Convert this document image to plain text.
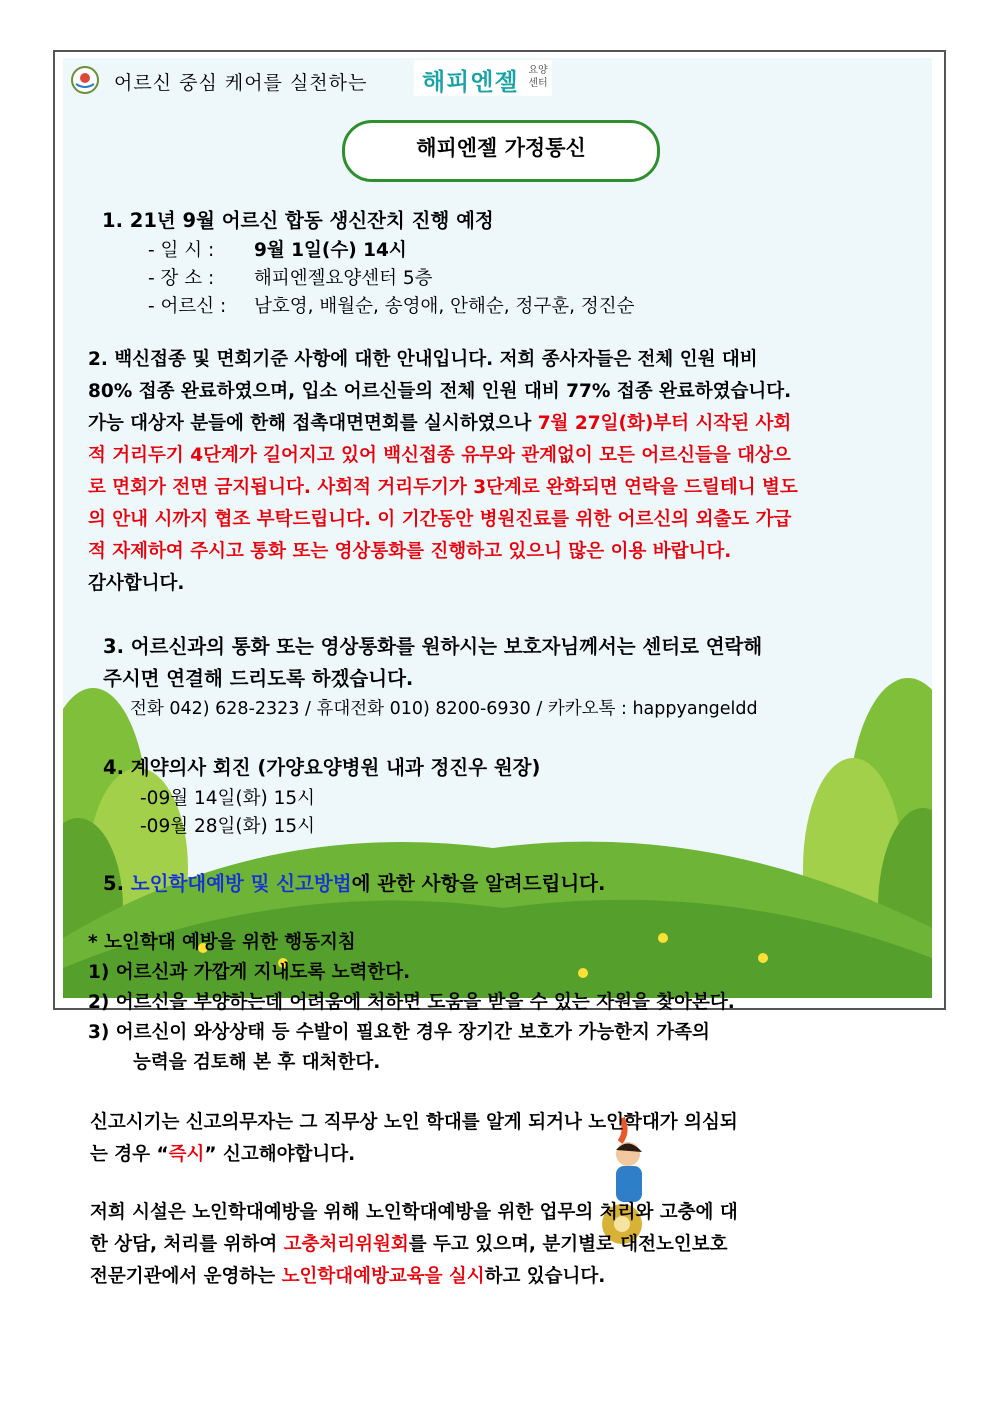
어르신 중심 케어를 실천하는 해피엔젤 요양 센터
해피엔젤 가정통신
1. 21년 9월 어르신 합동 생신잔치 진행 예정
- 일 시 : 9월 1일(수) 14시
- 장 소 : 해피엔젤요양센터 5층
- 어르신 : 남호영, 배월순, 송영애, 안해순, 정구훈, 정진순
2. 백신접종 및 면회기준 사항에 대한 안내입니다. 저희 종사자들은 전체 인원 대비
80% 접종 완료하였으며, 입소 어르신들의 전체 인원 대비 77% 접종 완료하였습니다.
가능 대상자 분들에 한해 접촉대면면회를 실시하였으나 7월 27일(화)부터 시작된 사회
적 거리두기 4단계가 길어지고 있어 백신접종 유무와 관계없이 모든 어르신들을 대상으
로 면회가 전면 금지됩니다. 사회적 거리두기가 3단계로 완화되면 연락을 드릴테니 별도
의 안내 시까지 협조 부탁드립니다. 이 기간동안 병원진료를 위한 어르신의 외출도 가급
적 자제하여 주시고 통화 또는 영상통화를 진행하고 있으니 많은 이용 바랍니다.
감사합니다.
3. 어르신과의 통화 또는 영상통화를 원하시는 보호자님께서는 센터로 연락해
주시면 연결해 드리도록 하겠습니다.
전화 042) 628-2323 / 휴대전화 010) 8200-6930 / 카카오톡 : happyangeldd
4. 계약의사 회진 (가양요양병원 내과 정진우 원장)
-09월 14일(화) 15시
-09월 28일(화) 15시
5. 노인학대예방 및 신고방법에 관한 사항을 알려드립니다.
* 노인학대 예방을 위한 행동지침
1) 어르신과 가깝게 지내도록 노력한다.
2) 어르신을 부양하는데 어려움에 처하면 도움을 받을 수 있는 자원을 찾아본다.
3) 어르신이 와상상태 등 수발이 필요한 경우 장기간 보호가 가능한지 가족의
능력을 검토해 본 후 대처한다.
신고시기는 신고의무자는 그 직무상 노인 학대를 알게 되거나 노인학대가 의심되
는 경우 “즉시” 신고해야합니다.
저희 시설은 노인학대예방을 위해 노인학대예방을 위한 업무의 처리와 고충에 대
한 상담, 처리를 위하여 고충처리위원회를 두고 있으며, 분기별로 대전노인보호
전문기관에서 운영하는 노인학대예방교육을 실시하고 있습니다.
